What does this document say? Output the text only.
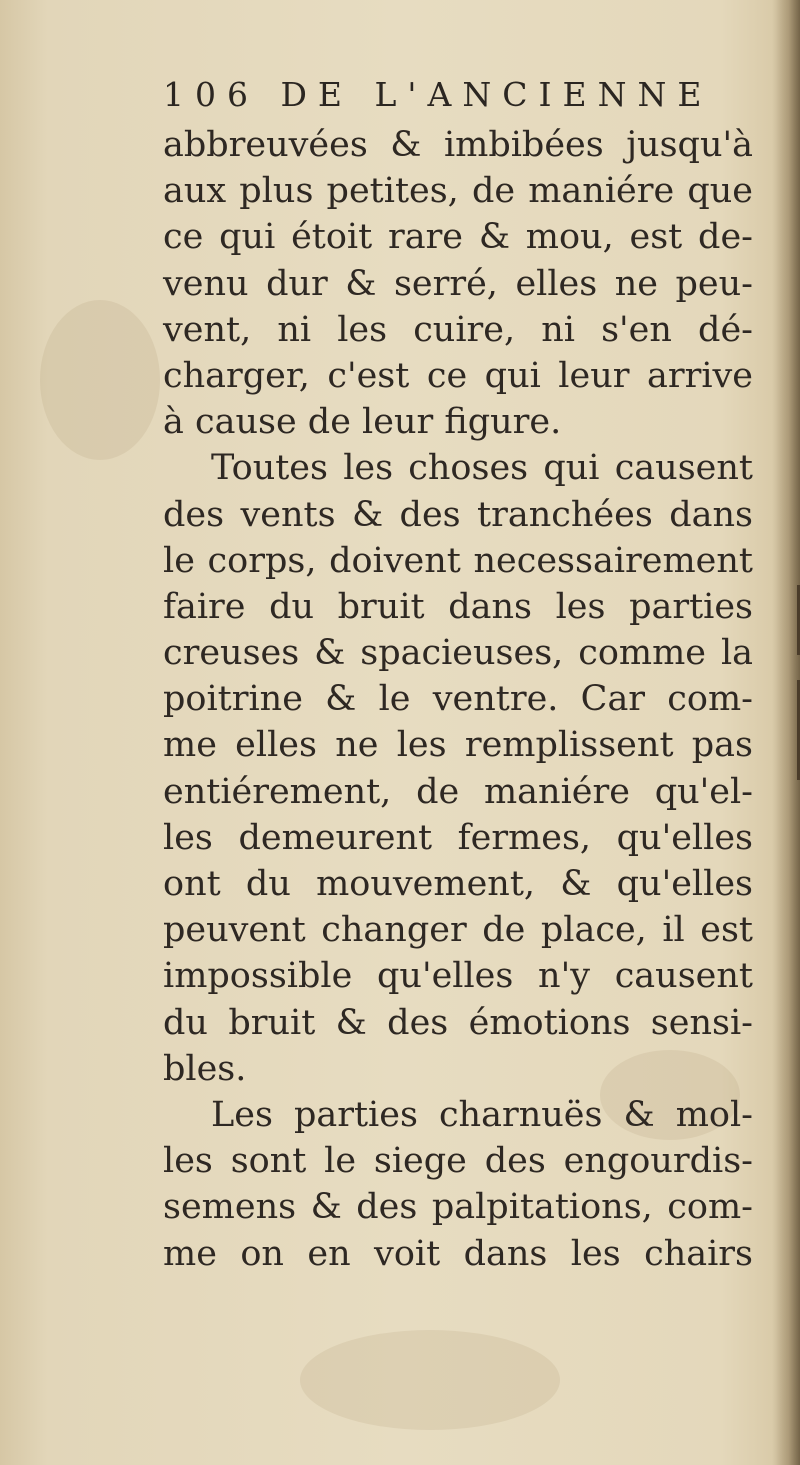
106 DE L'ANCIENNE
abbreuvées & imbibées jusqu'à
aux plus petites, de maniére que
ce qui étoit rare & mou, est de-
venu dur & serré, elles ne peu-
vent, ni les cuire, ni s'en dé-
charger, c'est ce qui leur arrive
à cause de leur figure.
Toutes les choses qui causent
des vents & des tranchées dans
le corps, doivent necessairement
faire du bruit dans les parties
creuses & spacieuses, comme la
poitrine & le ventre. Car com-
me elles ne les remplissent pas
entiérement, de maniére qu'el-
les demeurent fermes, qu'elles
ont du mouvement, & qu'elles
peuvent changer de place, il est
impossible qu'elles n'y causent
du bruit & des émotions sensi-
bles.
Les parties charnuës & mol-
les sont le siege des engourdis-
semens & des palpitations, com-
me on en voit dans les chairs
